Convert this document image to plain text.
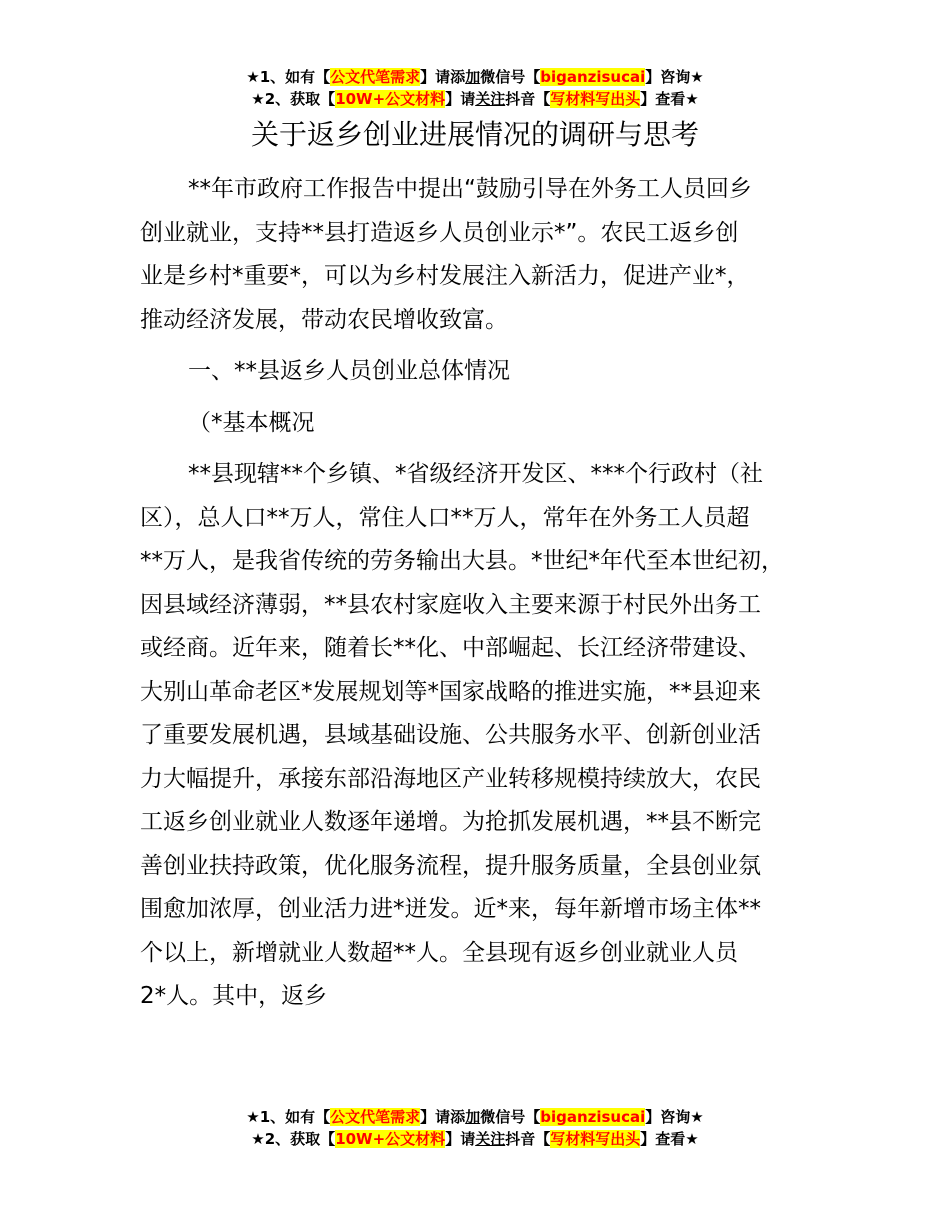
★1、如有【公文代笔需求】请添加微信号【biganzisucai】咨询★
★2、获取【10W+公文材料】请关注抖音【写材料写出头】查看★
关于返乡创业进展情况的调研与思考

**年市政府工作报告中提出“鼓励引导在外务工人员回乡

创业就业，支持**县打造返乡人员创业示*”。农民工返乡创

业是乡村*重要*，可以为乡村发展注入新活力，促进产业*，

推动经济发展，带动农民增收致富。

一、**县返乡人员创业总体情况

（*基本概况

**县现辖**个乡镇、*省级经济开发区、***个行政村（社

区），总人口**万人，常住人口**万人，常年在外务工人员超

**万人，是我省传统的劳务输出大县。*世纪*年代至本世纪初，

因县域经济薄弱，**县农村家庭收入主要来源于村民外出务工

或经商。近年来，随着长**化、中部崛起、长江经济带建设、

大别山革命老区*发展规划等*国家战略的推进实施，**县迎来

了重要发展机遇，县域基础设施、公共服务水平、创新创业活

力大幅提升，承接东部沿海地区产业转移规模持续放大，农民

工返乡创业就业人数逐年递增。为抢抓发展机遇，**县不断完

善创业扶持政策，优化服务流程，提升服务质量，全县创业氛

围愈加浓厚，创业活力进*迸发。近*来，每年新增市场主体**

个以上，新增就业人数超**人。全县现有返乡创业就业人员

2*人。其中，返乡

★1、如有【公文代笔需求】请添加微信号【biganzisucai】咨询★
★2、获取【10W+公文材料】请关注抖音【写材料写出头】查看★
